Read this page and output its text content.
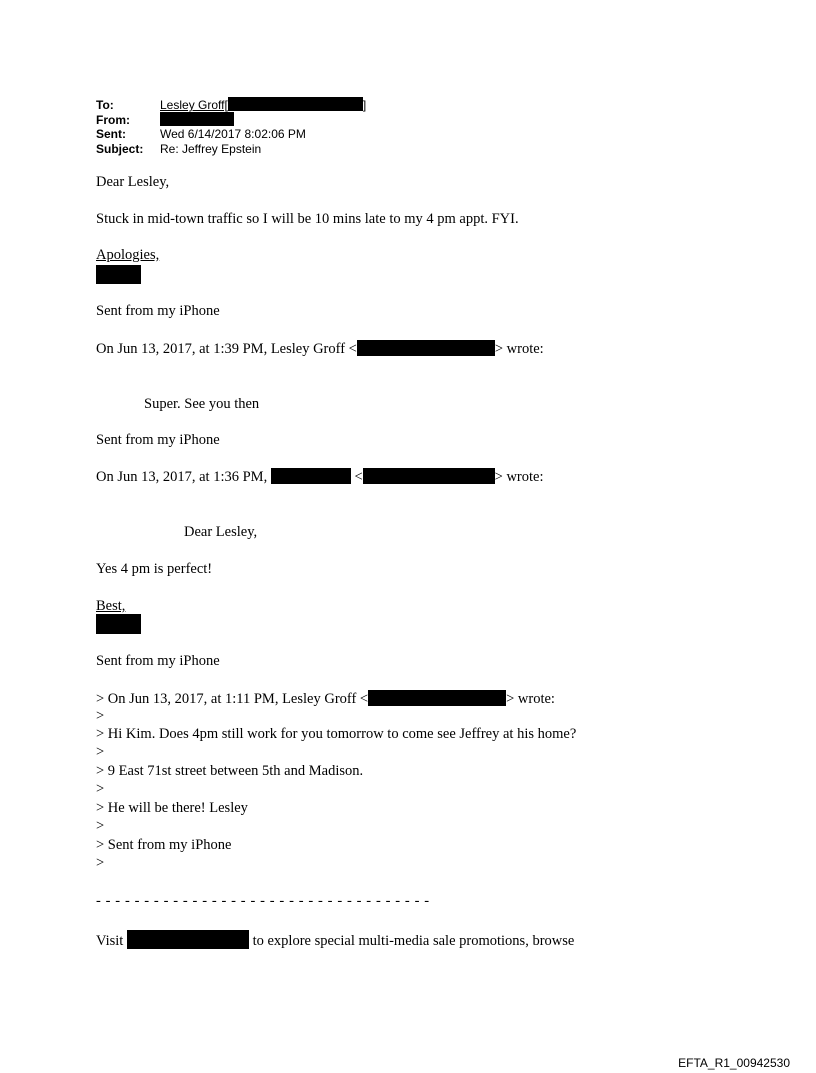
To:	Lesley Groff[	]
From:
Sent:	Wed 6/14/2017 8:02:06 PM
Subject: Re: Jeffrey Epstein
Dear Lesley,
Stuck in mid-town traffic so I will be 10 mins late to my 4 pm appt. FYI.
Apologies,
Sent from my iPhone
On Jun 13, 2017, at 1:39 PM, Lesley Groff <	> wrote:
Super. See you then
Sent from my iPhone
On Jun 13, 2017, at 1:36 PM,	<	> wrote:
Dear Lesley,
Yes 4 pm is perfect!
Best,
Sent from my iPhone
> On Jun 13, 2017, at 1:11 PM, Lesley Groff <	> wrote:
>
> Hi Kim. Does 4pm still work for you tomorrow to come see Jeffrey at his home?
>
> 9 East 71st street between 5th and Madison.
>
> He will be there! Lesley
>
> Sent from my iPhone
>
- - - - - - - - - - - - - - - - - - - - - - - - - - - - - - - - - - -
Visit	to explore special multi-media sale promotions, browse
EFTA_R1_00942530
